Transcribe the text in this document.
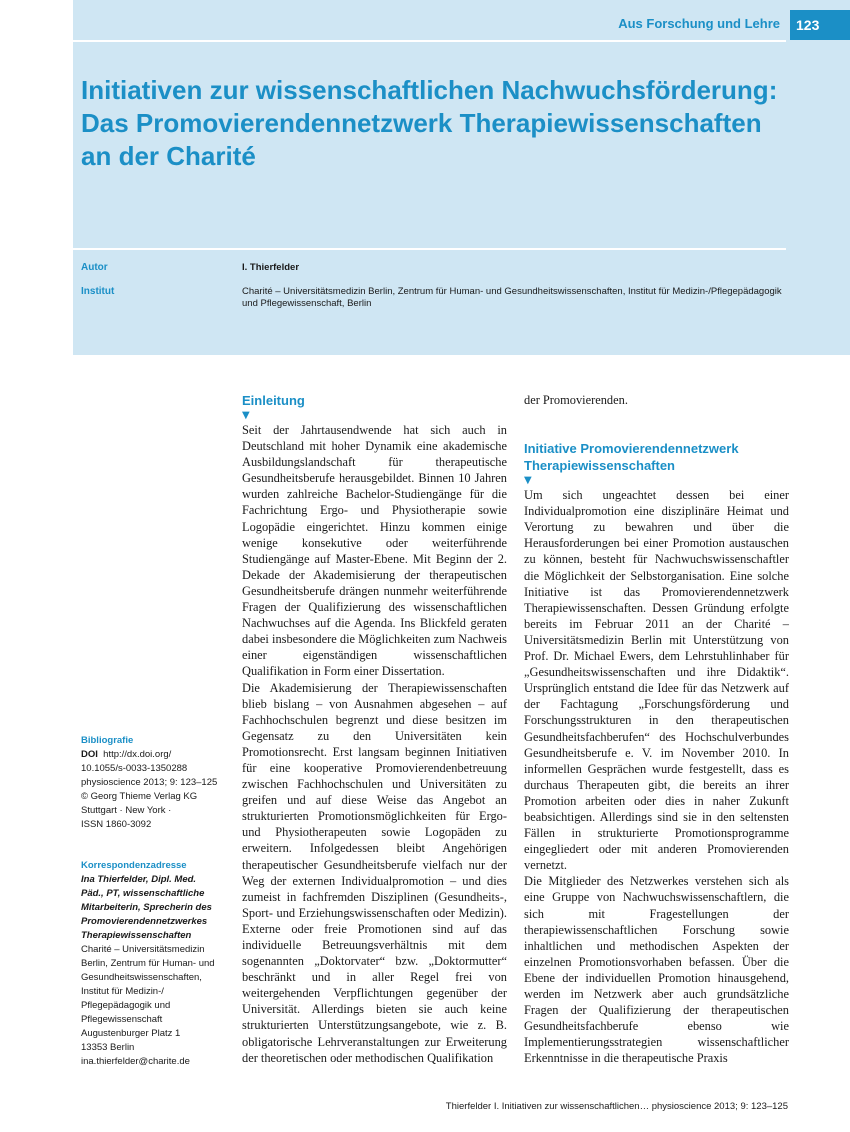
Aus Forschung und Lehre	123
Initiativen zur wissenschaftlichen Nachwuchsförderung:
Das Promovierendennetzwerk Therapiewissenschaften
an der Charité
Autor	I. Thierfelder
Institut	Charité – Universitätsmedizin Berlin, Zentrum für Human- und Gesundheitswissenschaften, Institut für Medizin-/Pflegepädagogik und Pflegewissenschaft, Berlin
Bibliografie
DOI http://dx.doi.org/
10.1055/s-0033-1350288
physioscience 2013; 9: 123–125
© Georg Thieme Verlag KG
Stuttgart · New York ·
ISSN 1860-3092
Korrespondenzadresse
Ina Thierfelder, Dipl. Med.
Päd., PT, wissenschaftliche
Mitarbeiterin, Sprecherin des
Promovierendennetzwerkes
Therapiewissenschaften
Charité – Universitätsmedizin
Berlin, Zentrum für Human- und
Gesundheitswissenschaften,
Institut für Medizin-/
Pflegepädagogik und
Pflegewissenschaft
Augustenburger Platz 1
13353 Berlin
ina.thierfelder@charite.de
Einleitung
▼

Seit der Jahrtausendwende hat sich auch in Deutschland mit hoher Dynamik eine akademische Ausbildungslandschaft für therapeutische Gesundheitsberufe herausgebildet. Binnen 10 Jahren wurden zahlreiche Bachelor-Studiengänge für die Fachrichtung Ergo- und Physiotherapie sowie Logopädie eingerichtet. Hinzu kommen einige wenige konsekutive oder weiterführende Studiengänge auf Master-Ebene. Mit Beginn der 2. Dekade der Akademisierung der therapeutischen Gesundheitsberufe drängen nunmehr weiterführende Fragen der Qualifizierung des wissenschaftlichen Nachwuchses auf die Agenda. Ins Blickfeld geraten dabei insbesondere die Möglichkeiten zum Nachweis einer eigenständigen wissenschaftlichen Qualifikation in Form einer Dissertation.

Die Akademisierung der Therapiewissenschaften blieb bislang – von Ausnahmen abgesehen – auf Fachhochschulen begrenzt und diese besitzen im Gegensatz zu den Universitäten kein Promotionsrecht. Erst langsam beginnen Initiativen für eine kooperative Promovierendenbetreuung zwischen Fachhochschulen und Universitäten zu greifen und auf diese Weise das Angebot an strukturierten Promotionsmöglichkeiten für Ergo- und Physiotherapeuten sowie Logopäden zu erweitern. Infolgedessen bleibt Angehörigen therapeutischer Gesundheitsberufe vielfach nur der Weg der externen Individualpromotion – und dies zumeist in fachfremden Disziplinen (Gesundheits-, Sport- und Erziehungswissenschaften oder Medizin). Externe oder freie Promotionen sind auf das individuelle Betreuungsverhältnis mit dem sogenannten „Doktorvater“ bzw. „Doktormutter“ beschränkt und in aller Regel frei von weitergehenden Verpflichtungen gegenüber der Universität. Allerdings bieten sie auch keine strukturierten Unterstützungsangebote, wie z. B. obligatorische Lehrveranstaltungen zur Erweiterung der theoretischen oder methodischen Qualifikation

der Promovierenden.

Initiative Promovierendennetzwerk
Therapiewissenschaften
▼

Um sich ungeachtet dessen bei einer Individualpromotion eine disziplinäre Heimat und Verortung zu bewahren und über die Herausforderungen bei einer Promotion austauschen zu können, besteht für Nachwuchswissenschaftler die Möglichkeit der Selbstorganisation. Eine solche Initiative ist das Promovierendennetzwerk Therapiewissenschaften. Dessen Gründung erfolgte bereits im Februar 2011 an der Charité – Universitätsmedizin Berlin mit Unterstützung von Prof. Dr. Michael Ewers, dem Lehrstuhlinhaber für „Gesundheitswissenschaften und ihre Didaktik“. Ursprünglich entstand die Idee für das Netzwerk auf der Fachtagung „Forschungsförderung und Forschungsstrukturen in den therapeutischen Gesundheitsfachberufen“ des Hochschulverbundes Gesundheitsberufe e. V. im November 2010. In informellen Gesprächen wurde festgestellt, dass es durchaus Therapeuten gibt, die bereits an ihrer Promotion arbeiten oder dies in naher Zukunft beabsichtigen. Allerdings sind sie in den seltensten Fällen in strukturierte Promotionsprogramme eingegliedert oder mit anderen Promovierenden vernetzt.

Die Mitglieder des Netzwerkes verstehen sich als eine Gruppe von Nachwuchswissenschaftlern, die sich mit Fragestellungen der therapiewissenschaftlichen Forschung sowie inhaltlichen und methodischen Aspekten der einzelnen Promotionsvorhaben befassen. Über die Ebene der individuellen Promotion hinausgehend, werden im Netzwerk aber auch grundsätzliche Fragen der Qualifizierung der therapeutischen Gesundheitsfachberufe ebenso wie Implementierungsstrategien wissenschaftlicher Erkenntnisse in die therapeutische Praxis

Thierfelder I. Initiativen zur wissenschaftlichen… physioscience 2013; 9: 123–125
